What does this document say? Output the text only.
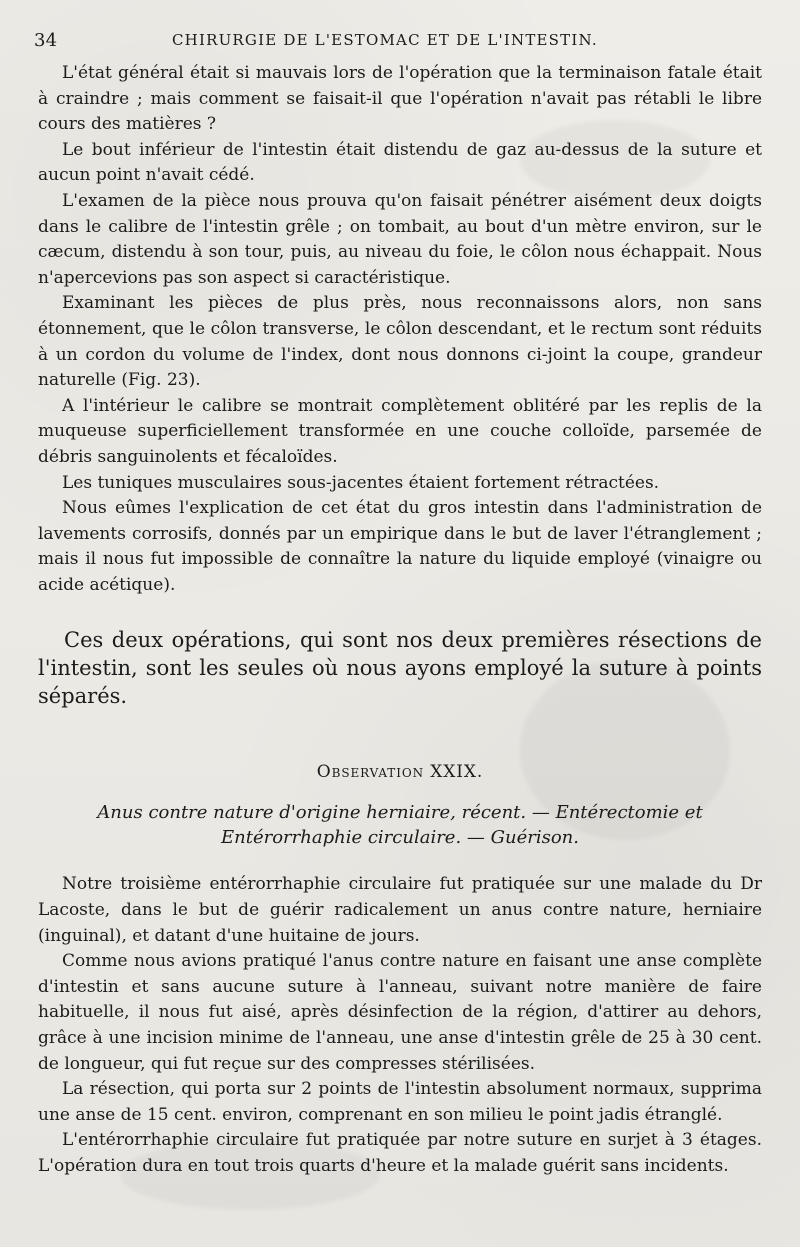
34	CHIRURGIE DE L'ESTOMAC ET DE L'INTESTIN.

L'état général était si mauvais lors de l'opération que la terminaison fatale était à craindre ; mais comment se faisait-il que l'opération n'avait pas rétabli le libre cours des matières ?

Le bout inférieur de l'intestin était distendu de gaz au-dessus de la suture et aucun point n'avait cédé.

L'examen de la pièce nous prouva qu'on faisait pénétrer aisément deux doigts dans le calibre de l'intestin grêle ; on tombait, au bout d'un mètre environ, sur le cæcum, distendu à son tour, puis, au niveau du foie, le côlon nous échappait. Nous n'apercevions pas son aspect si caractéristique.

Examinant les pièces de plus près, nous reconnaissons alors, non sans étonnement, que le côlon transverse, le côlon descendant, et le rectum sont réduits à un cordon du volume de l'index, dont nous donnons ci-joint la coupe, grandeur naturelle (Fig. 23).

A l'intérieur le calibre se montrait complètement oblitéré par les replis de la muqueuse superficiellement transformée en une couche colloïde, parsemée de débris sanguinolents et fécaloïdes.

Les tuniques musculaires sous-jacentes étaient fortement rétractées.

Nous eûmes l'explication de cet état du gros intestin dans l'administration de lavements corrosifs, donnés par un empirique dans le but de laver l'étranglement ; mais il nous fut impossible de connaître la nature du liquide employé (vinaigre ou acide acétique).

Ces deux opérations, qui sont nos deux premières résections de l'intestin, sont les seules où nous ayons employé la suture à points séparés.

Observation XXIX.
Anus contre nature d'origine herniaire, récent. — Entérectomie et
Entérorrhaphie circulaire. — Guérison.

Notre troisième entérorrhaphie circulaire fut pratiquée sur une malade du Dr Lacoste, dans le but de guérir radicalement un anus contre nature, herniaire (inguinal), et datant d'une huitaine de jours.

Comme nous avions pratiqué l'anus contre nature en faisant une anse complète d'intestin et sans aucune suture à l'anneau, suivant notre manière de faire habituelle, il nous fut aisé, après désinfection de la région, d'attirer au dehors, grâce à une incision minime de l'anneau, une anse d'intestin grêle de 25 à 30 cent. de longueur, qui fut reçue sur des compresses stérilisées.

La résection, qui porta sur 2 points de l'intestin absolument normaux, supprima une anse de 15 cent. environ, comprenant en son milieu le point jadis étranglé.

L'entérorrhaphie circulaire fut pratiquée par notre suture en surjet à 3 étages. L'opération dura en tout trois quarts d'heure et la malade guérit sans incidents.
